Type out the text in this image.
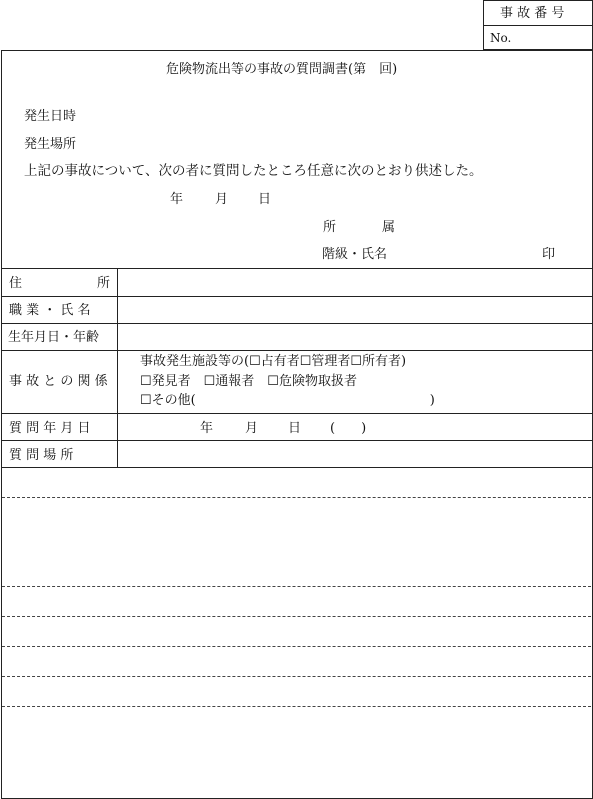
事 故 番 号
No.
危険物流出等の事故の質問調書(第　回)
発生日時
発生場所
上記の事故について、次の者に質問したところ任意に次のとおり供述した。
年 月 日
所	属
階級・氏名	印
住	所
職 業 ・ 氏 名
生年月日・年齢
事 故 と の 関 係
事故発生施設等の(☐占有者☐管理者☐所有者)
☐発見者　☐通報者　☐危険物取扱者
☐その他(　　　　　　　　　　　　　　　　　　)
質 問 年 月 日	年 月 日 (　　)
質 問 場 所
